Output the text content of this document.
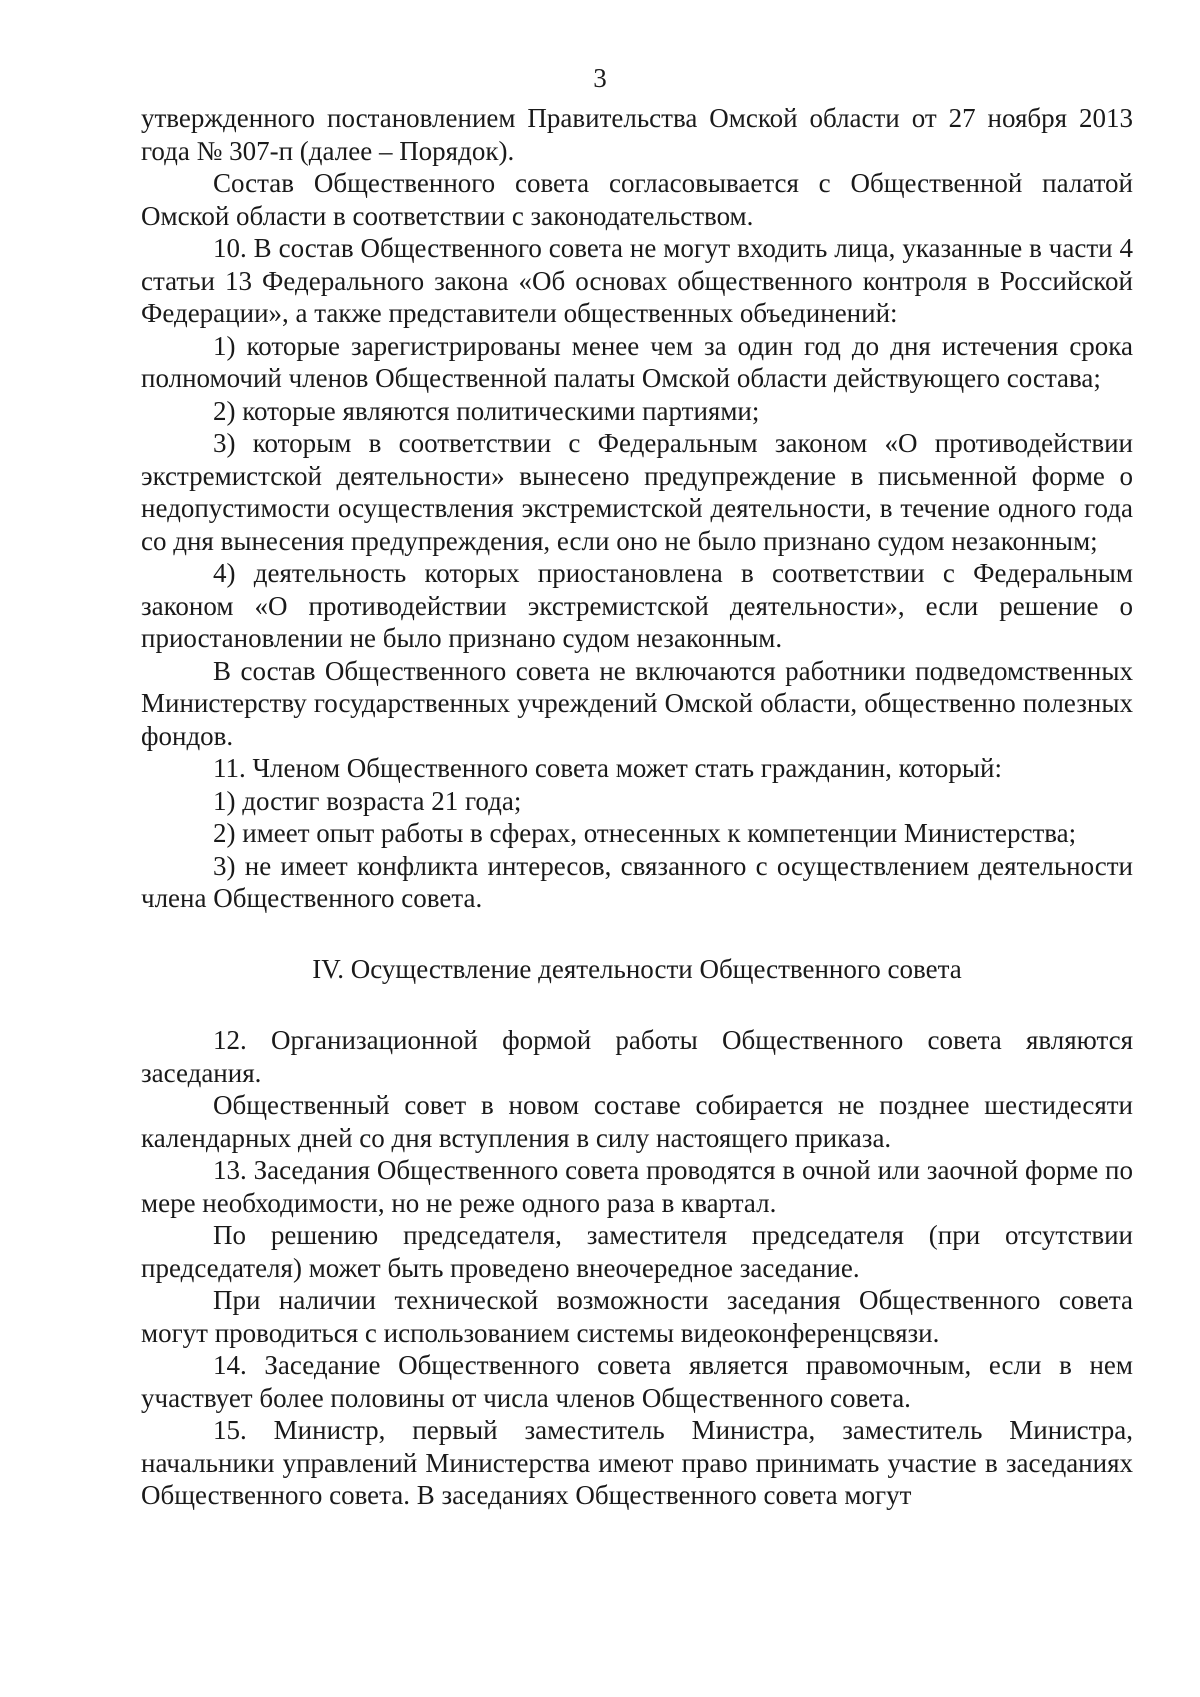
3

утвержденного постановлением Правительства Омской области от 27 ноября 2013 года № 307-п (далее – Порядок).

Состав Общественного совета согласовывается с Общественной палатой Омской области в соответствии с законодательством.

10. В состав Общественного совета не могут входить лица, указанные в части 4 статьи 13 Федерального закона «Об основах общественного контроля в Российской Федерации», а также представители общественных объединений:

1) которые зарегистрированы менее чем за один год до дня истечения срока полномочий членов Общественной палаты Омской области действующего состава;

2) которые являются политическими партиями;

3) которым в соответствии с Федеральным законом «О противодействии экстремистской деятельности» вынесено предупреждение в письменной форме о недопустимости осуществления экстремистской деятельности, в течение одного года со дня вынесения предупреждения, если оно не было признано судом незаконным;

4) деятельность которых приостановлена в соответствии с Федеральным законом «О противодействии экстремистской деятельности», если решение о приостановлении не было признано судом незаконным.

В состав Общественного совета не включаются работники подведомственных Министерству государственных учреждений Омской области, общественно полезных фондов.

11. Членом Общественного совета может стать гражданин, который:

1) достиг возраста 21 года;

2) имеет опыт работы в сферах, отнесенных к компетенции Министерства;

3) не имеет конфликта интересов, связанного с осуществлением деятельности члена Общественного совета.

IV. Осуществление деятельности Общественного совета

12. Организационной формой работы Общественного совета являются заседания.

Общественный совет в новом составе собирается не позднее шестидесяти календарных дней со дня вступления в силу настоящего приказа.

13. Заседания Общественного совета проводятся в очной или заочной форме по мере необходимости, но не реже одного раза в квартал.

По решению председателя, заместителя председателя (при отсутствии председателя) может быть проведено внеочередное заседание.

При наличии технической возможности заседания Общественного совета могут проводиться с использованием системы видеоконференцсвязи.

14. Заседание Общественного совета является правомочным, если в нем участвует более половины от числа членов Общественного совета.

15. Министр, первый заместитель Министра, заместитель Министра, начальники управлений Министерства имеют право принимать участие в заседаниях Общественного совета. В заседаниях Общественного совета могут
